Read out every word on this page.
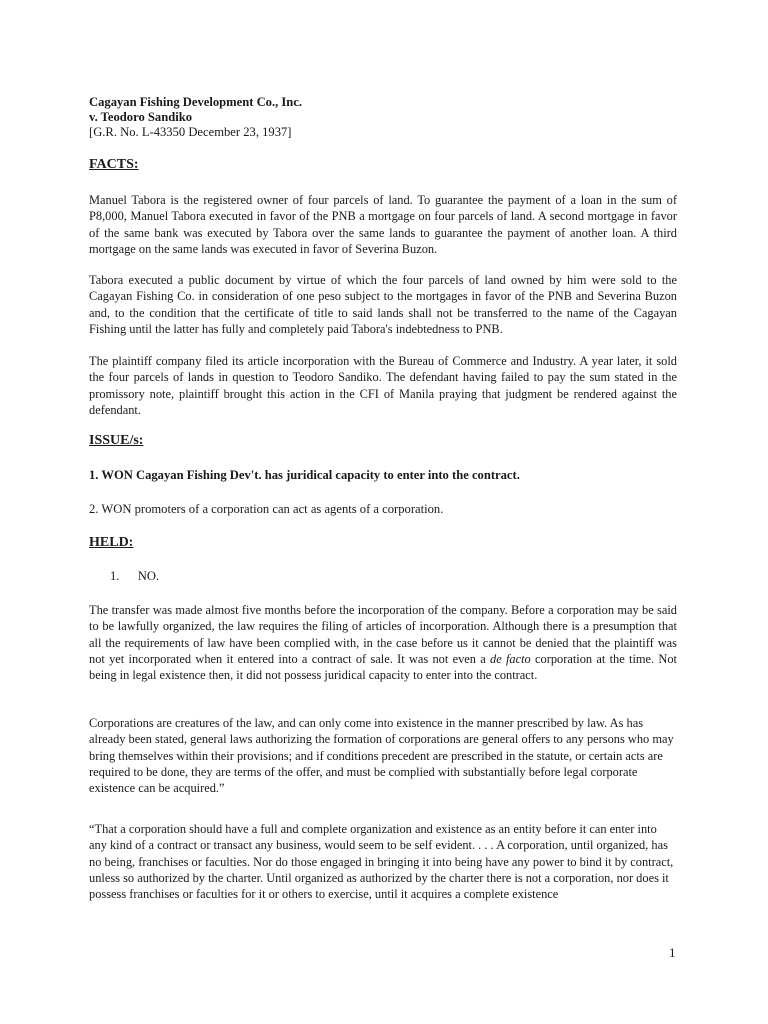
Cagayan Fishing Development Co., Inc.

v. Teodoro Sandiko

[G.R. No. L-43350 December 23, 1937]

FACTS:

Manuel Tabora is the registered owner of four parcels of land. To guarantee the payment of a loan in the sum of P8,000, Manuel Tabora executed in favor of the PNB a mortgage on four parcels of land. A second mortgage in favor of the same bank was executed by Tabora over the same lands to guarantee the payment of another loan. A third mortgage on the same lands was executed in favor of Severina Buzon.

Tabora executed a public document by virtue of which the four parcels of land owned by him were sold to the Cagayan Fishing Co. in consideration of one peso subject to the mortgages in favor of the PNB and Severina Buzon and, to the condition that the certificate of title to said lands shall not be transferred to the name of the Cagayan Fishing until the latter has fully and completely paid Tabora's indebtedness to PNB.

The plaintiff company filed its article incorporation with the Bureau of Commerce and Industry. A year later, it sold the four parcels of lands in question to Teodoro Sandiko. The defendant having failed to pay the sum stated in the promissory note, plaintiff brought this action in the CFI of Manila praying that judgment be rendered against the defendant.

ISSUE/s:

1. WON Cagayan Fishing Dev't. has juridical capacity to enter into the contract.

2. WON promoters of a corporation can act as agents of a corporation.

HELD:

1. NO.

The transfer was made almost five months before the incorporation of the company. Before a corporation may be said to be lawfully organized, the law requires the filing of articles of incorporation. Although there is a presumption that all the requirements of law have been complied with, in the case before us it cannot be denied that the plaintiff was not yet incorporated when it entered into a contract of sale. It was not even a de facto corporation at the time. Not being in legal existence then, it did not possess juridical capacity to enter into the contract.

Corporations are creatures of the law, and can only come into existence in the manner prescribed by law. As has already been stated, general laws authorizing the formation of corporations are general offers to any persons who may bring themselves within their provisions; and if conditions precedent are prescribed in the statute, or certain acts are required to be done, they are terms of the offer, and must be complied with substantially before legal corporate existence can be acquired.”

“That a corporation should have a full and complete organization and existence as an entity before it can enter into any kind of a contract or transact any business, would seem to be self evident. . . . A corporation, until organized, has no being, franchises or faculties. Nor do those engaged in bringing it into being have any power to bind it by contract, unless so authorized by the charter. Until organized as authorized by the charter there is not a corporation, nor does it possess franchises or faculties for it or others to exercise, until it acquires a complete existence

1
